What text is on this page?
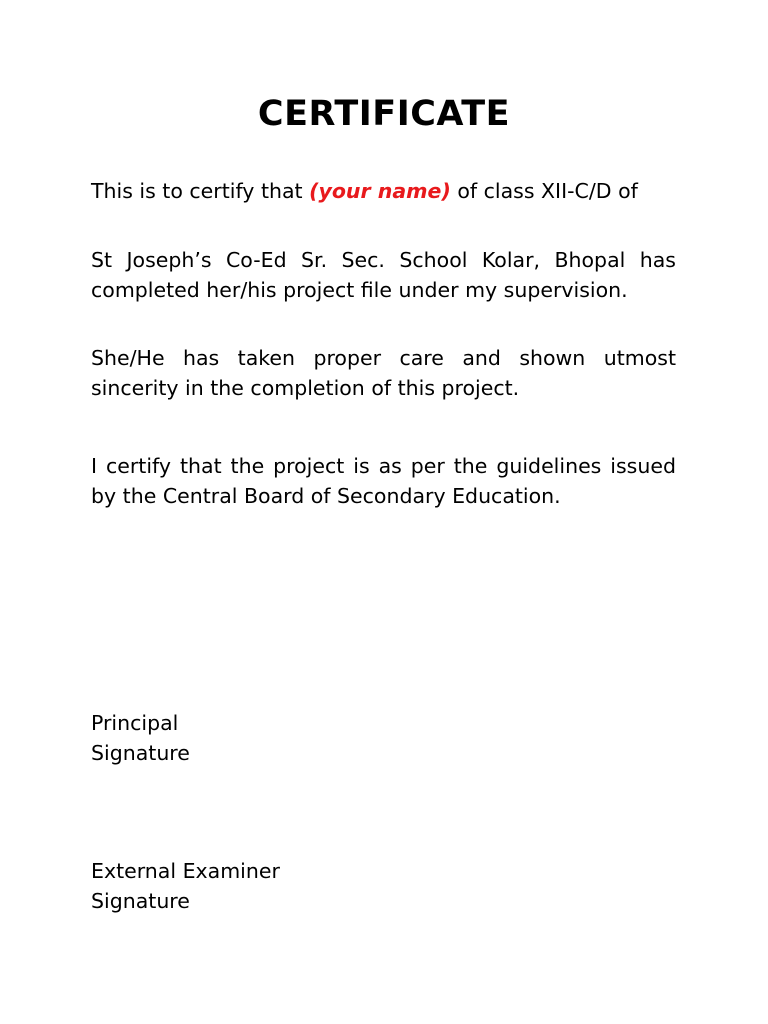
CERTIFICATE

This is to certify that (your name) of class XII-C/D of

St Joseph’s Co-Ed Sr. Sec. School Kolar, Bhopal has completed her/his project file under my supervision.

She/He has taken proper care and shown utmost sincerity in the completion of this project.

I certify that the project is as per the guidelines issued by the Central Board of Secondary Education.

Principal
Signature
External Examiner
Signature
